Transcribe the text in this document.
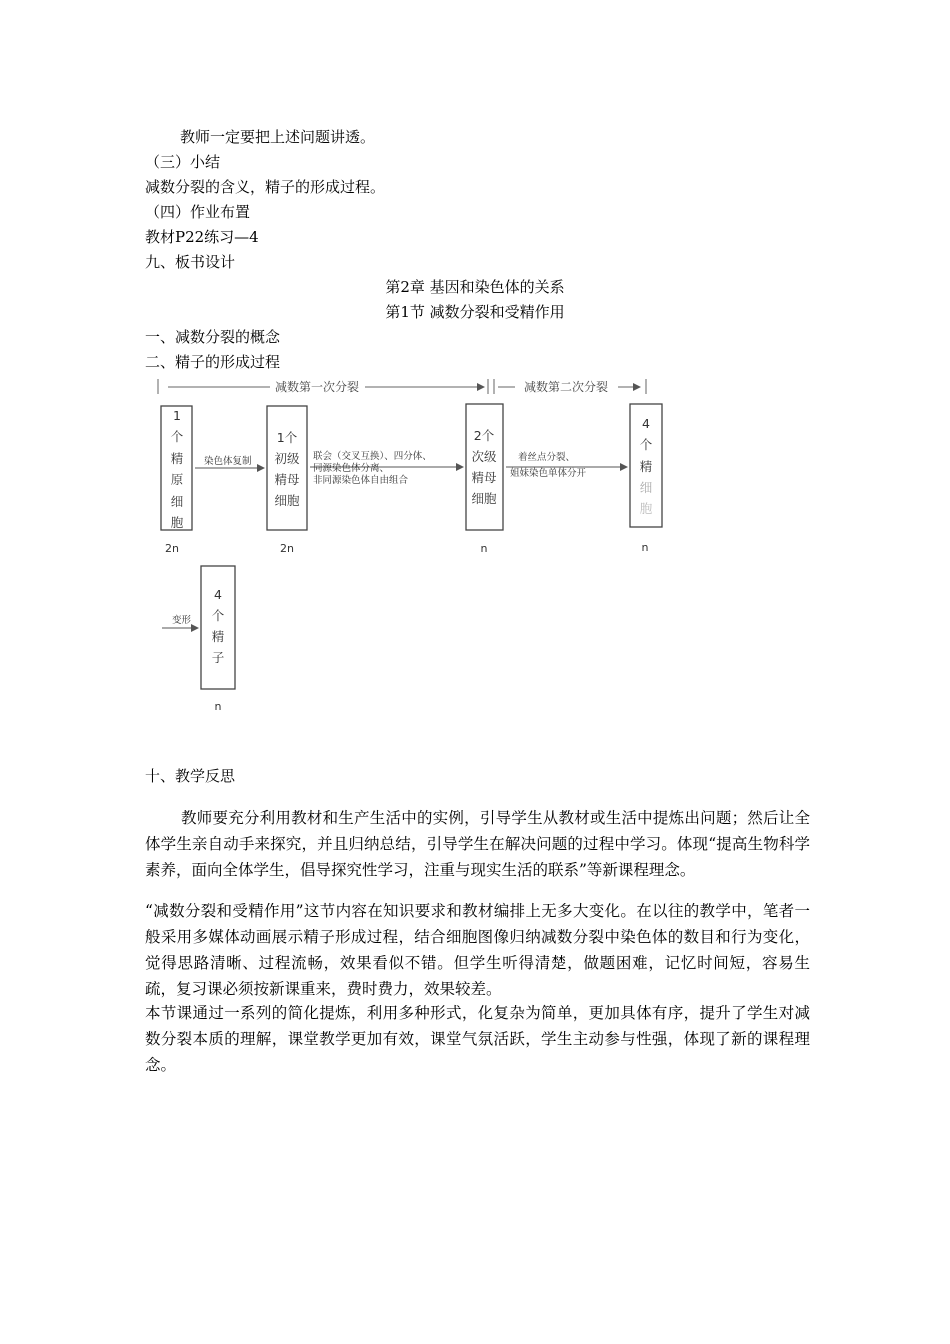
教师一定要把上述问题讲透。
（三）小结
减数分裂的含义，精子的形成过程。
（四）作业布置
教材P22练习—4
九、板书设计
第2章 基因和染色体的关系
第1节 减数分裂和受精作用
一、减数分裂的概念
二、精子的形成过程
减数第一次分裂	减数第二次分裂
1
个
精
原
细
胞
1个
初级
精母
细胞
2个
次级
精母
细胞
4
个
精
细
胞
4
个
精
子
染色体复制	联会（交叉互换）、四分体、
同源染色体分离、
非同源染色体自由组合
着丝点分裂、
姐妹染色单体分开
变形
2n	2n	n	n
n
十、教学反思
教师要充分利用教材和生产生活中的实例，引导学生从教材或生活中提炼出问题；然后让全体学生亲自动手来探究，并且归纳总结，引导学生在解决问题的过程中学习。体现“提高生物科学素养，面向全体学生，倡导探究性学习，注重与现实生活的联系”等新课程理念。
“减数分裂和受精作用”这节内容在知识要求和教材编排上无多大变化。在以往的教学中，笔者一般采用多媒体动画展示精子形成过程，结合细胞图像归纳减数分裂中染色体的数目和行为变化，觉得思路清晰、过程流畅，效果看似不错。但学生听得清楚，做题困难，记忆时间短，容易生疏，复习课必须按新课重来，费时费力，效果较差。
本节课通过一系列的简化提炼，利用多种形式，化复杂为简单，更加具体有序，提升了学生对减数分裂本质的理解，课堂教学更加有效，课堂气氛活跃，学生主动参与性强，体现了新的课程理念。
